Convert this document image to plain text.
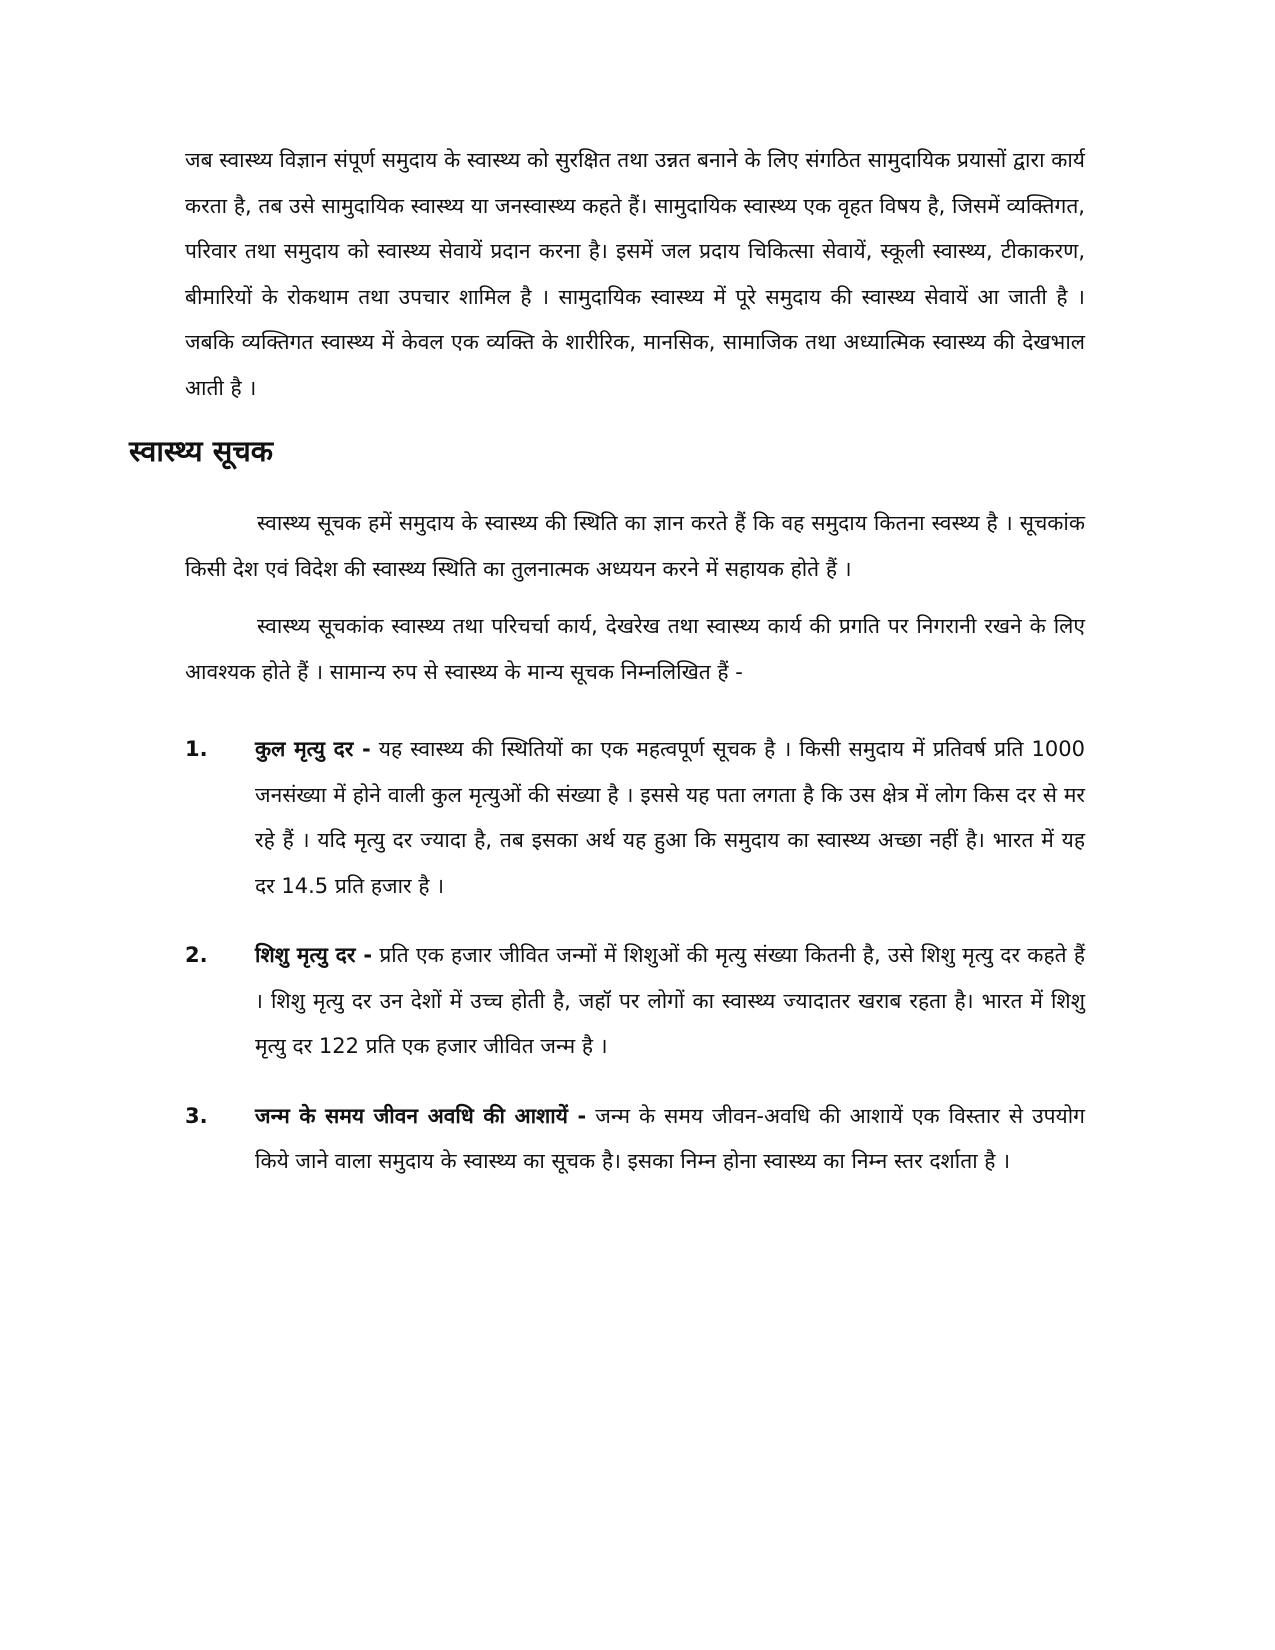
जब स्वास्थ्य विज्ञान संपूर्ण समुदाय के स्वास्थ्य को सुरक्षित तथा उन्नत बनाने के लिए संगठित सामुदायिक प्रयासों द्वारा कार्य करता है, तब उसे सामुदायिक स्वास्थ्य या जनस्वास्थ्य कहते हैं। सामुदायिक स्वास्थ्य एक वृहत विषय है, जिसमें व्यक्तिगत, परिवार तथा समुदाय को स्वास्थ्य सेवायें प्रदान करना है। इसमें जल प्रदाय चिकित्सा सेवायें, स्कूली स्वास्थ्य, टीकाकरण, बीमारियों के रोकथाम तथा उपचार शामिल है । सामुदायिक स्वास्थ्य में पूरे समुदाय की स्वास्थ्य सेवायें आ जाती है । जबकि व्यक्तिगत स्वास्थ्य में केवल एक व्यक्ति के शारीरिक, मानसिक, सामाजिक तथा अध्यात्मिक स्वास्थ्य की देखभाल आती है ।

स्वास्थ्य सूचक

स्वास्थ्य सूचक हमें समुदाय के स्वास्थ्य की स्थिति का ज्ञान करते हैं कि वह समुदाय कितना स्वस्थ्य है । सूचकांक किसी देश एवं विदेश की स्वास्थ्य स्थिति का तुलनात्मक अध्ययन करने में सहायक होते हैं ।

स्वास्थ्य सूचकांक स्वास्थ्य तथा परिचर्चा कार्य, देखरेख तथा स्वास्थ्य कार्य की प्रगति पर निगरानी रखने के लिए आवश्यक होते हैं । सामान्य रुप से स्वास्थ्य के मान्य सूचक निम्नलिखित हैं -

1.	कुल मृत्यु दर - यह स्वास्थ्य की स्थितियों का एक महत्वपूर्ण सूचक है । किसी समुदाय में प्रतिवर्ष प्रति 1000 जनसंख्या में होने वाली कुल मृत्युओं की संख्या है । इससे यह पता लगता है कि उस क्षेत्र में लोग किस दर से मर रहे हैं । यदि मृत्यु दर ज्यादा है, तब इसका अर्थ यह हुआ कि समुदाय का स्वास्थ्य अच्छा नहीं है। भारत में यह दर 14.5 प्रति हजार है ।
2.	शिशु मृत्यु दर - प्रति एक हजार जीवित जन्मों में शिशुओं की मृत्यु संख्या कितनी है, उसे शिशु मृत्यु दर कहते हैं । शिशु मृत्यु दर उन देशों में उच्च होती है, जहॉ पर लोगों का स्वास्थ्य ज्यादातर खराब रहता है। भारत में शिशु मृत्यु दर 122 प्रति एक हजार जीवित जन्म है ।
3.	जन्म के समय जीवन अवधि की आशायें - जन्म के समय जीवन-अवधि की आशायें एक विस्तार से उपयोग किये जाने वाला समुदाय के स्वास्थ्य का सूचक है। इसका निम्न होना स्वास्थ्य का निम्न स्तर दर्शाता है ।
